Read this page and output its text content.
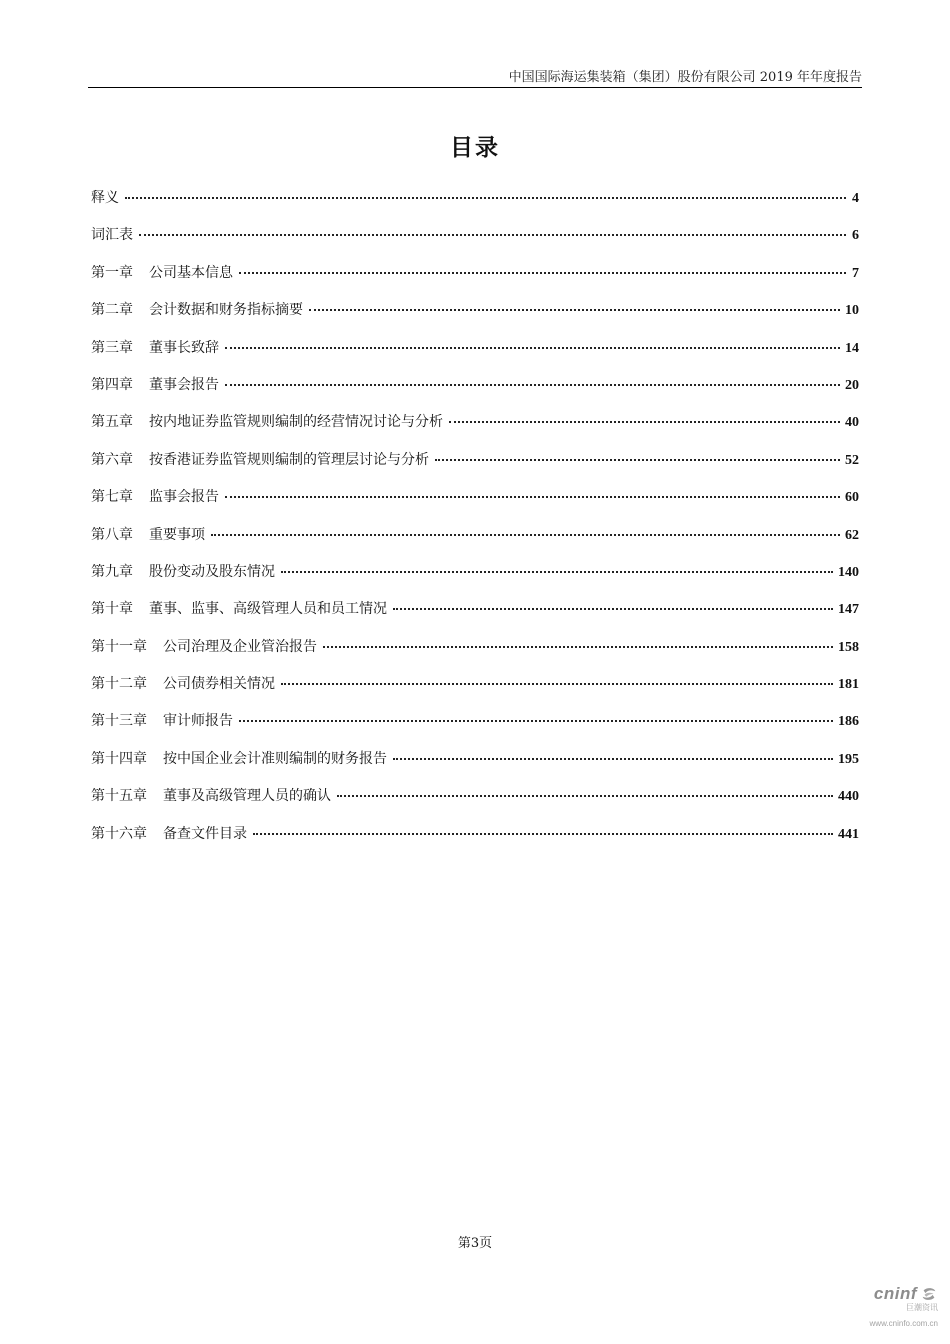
中国国际海运集装箱（集团）股份有限公司 2019 年年度报告
目录
释义	4
词汇表	6
第一章	公司基本信息	7
第二章	会计数据和财务指标摘要	10
第三章	董事长致辞	14
第四章	董事会报告	20
第五章	按内地证券监管规则编制的经营情况讨论与分析	40
第六章	按香港证券监管规则编制的管理层讨论与分析	52
第七章	监事会报告	60
第八章	重要事项	62
第九章	股份变动及股东情况	140
第十章	董事、监事、高级管理人员和员工情况	147
第十一章	公司治理及企业管治报告	158
第十二章	公司债券相关情况	181
第十三章	审计师报告	186
第十四章	按中国企业会计准则编制的财务报告	195
第十五章	董事及高级管理人员的确认	440
第十六章	备查文件目录	441
第3页
cninf
巨潮资讯
www.cninfo.com.cn
